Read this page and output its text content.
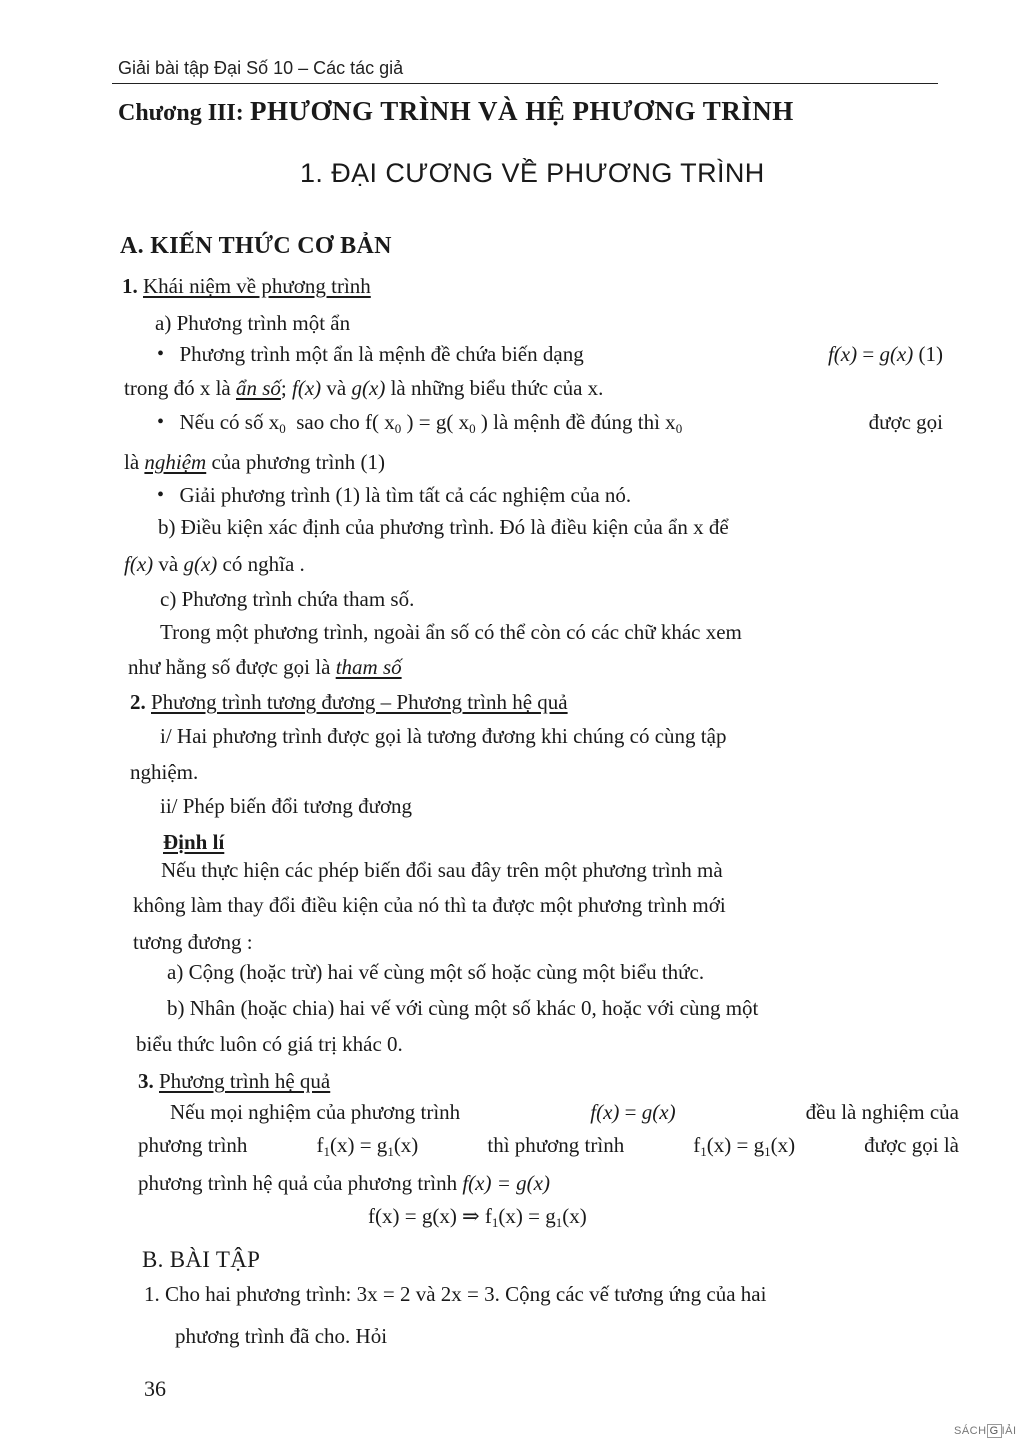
Giải bài tập Đại Số 10 – Các tác giả
Chương III: PHƯƠNG TRÌNH VÀ HỆ PHƯƠNG TRÌNH
1. ĐẠI CƯƠNG VỀ PHƯƠNG TRÌNH
A. KIẾN THỨC CƠ BẢN
1. Khái niệm về phương trình
a) Phương trình một ẩn
•  Phương trình một ẩn là mệnh đề chứa biến dạng	f(x) = g(x) (1)
trong đó x là ẩn số; f(x) và g(x) là những biểu thức của x.
•  Nếu có số $x_0$ sao cho f( $x_0$ ) = g( $x_0$ ) là mệnh đề đúng thì $x_0$	được gọi
là nghiệm của phương trình (1)
•  Giải phương trình (1) là tìm tất cả các nghiệm của nó.
b) Điều kiện xác định của phương trình. Đó là điều kiện của ẩn x để
f(x) và g(x) có nghĩa .
c) Phương trình chứa tham số.
Trong một phương trình, ngoài ẩn số có thể còn có các chữ khác xem
như hằng số được gọi là tham số
2. Phương trình tương đương – Phương trình hệ quả
i/ Hai phương trình được gọi là tương đương khi chúng có cùng tập
nghiệm.
ii/ Phép biến đổi tương đương
Định lí
Nếu thực hiện các phép biến đổi sau đây trên một phương trình mà
không làm thay đổi điều kiện của nó thì ta được một phương trình mới
tương đương :
a) Cộng (hoặc trừ) hai vế cùng một số hoặc cùng một biểu thức.
b) Nhân (hoặc chia) hai vế với cùng một số khác 0, hoặc với cùng một
biểu thức luôn có giá trị khác 0.
3. Phương trình hệ quả
Nếu mọi nghiệm của phương trình	f(x) = g(x)	đều là nghiệm của
phương trình	$f_1(x) = g_1(x)$	thì phương trình	$f_1(x) = g_1(x)$	được gọi là
phương trình hệ quả của phương trình f(x) = g(x)
f(x) = g(x) ⇒ $f_1(x) = g_1(x)$
B. BÀI TẬP
1. Cho hai phương trình: 3x = 2 và 2x = 3. Cộng các vế tương ứng của hai
phương trình đã cho. Hỏi
36
SÁCH G IẢI
